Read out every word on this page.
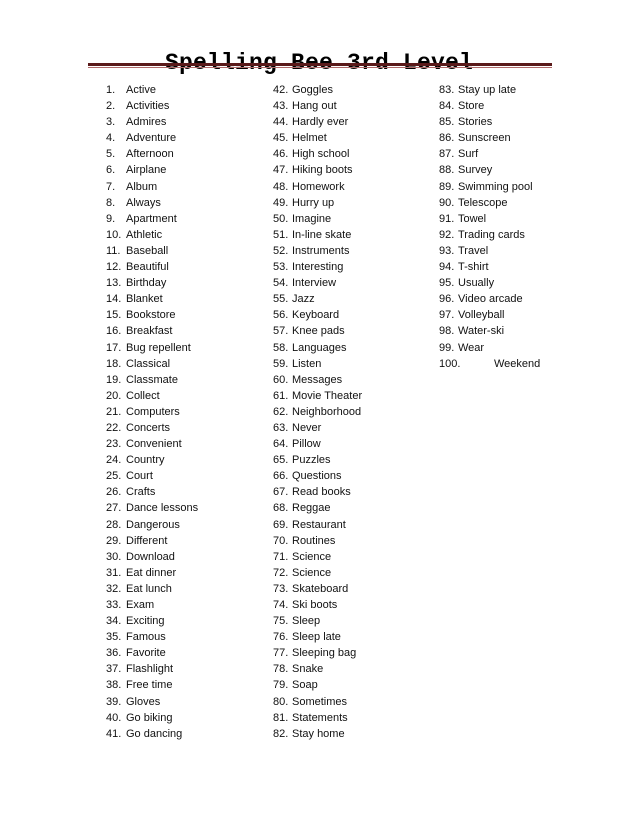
1. Active
2. Activities
3. Admires
4. Adventure
5. Afternoon
6. Airplane
7. Album
8. Always
9. Apartment
10. Athletic
11. Baseball
12. Beautiful
13. Birthday
14. Blanket
15. Bookstore
16. Breakfast
17. Bug repellent
18. Classical
19. Classmate
20. Collect
21. Computers
22. Concerts
23. Convenient
24. Country
25. Court
26. Crafts
27. Dance lessons
28. Dangerous
29. Different
30. Download
31. Eat dinner
32. Eat lunch
33. Exam
34. Exciting
35. Famous
36. Favorite
37. Flashlight
38. Free time
39. Gloves
40. Go biking
41. Go dancing
42. Goggles
43. Hang out
44. Hardly ever
45. Helmet
46. High school
47. Hiking boots
48. Homework
49. Hurry up
50. Imagine
51. In-line skate
52. Instruments
53. Interesting
54. Interview
55. Jazz
56. Keyboard
57. Knee pads
58. Languages
59. Listen
60. Messages
61. Movie Theater
62. Neighborhood
63. Never
64. Pillow
65. Puzzles
66. Questions
67. Read books
68. Reggae
69. Restaurant
70. Routines
71. Science
72. Science
73. Skateboard
74. Ski boots
75. Sleep
76. Sleep late
77. Sleeping bag
78. Snake
79. Soap
80. Sometimes
81. Statements
82. Stay home
83. Stay up late
84. Store
85. Stories
86. Sunscreen
87. Surf
88. Survey
89. Swimming pool
90. Telescope
91. Towel
92. Trading cards
93. Travel
94. T-shirt
95. Usually
96. Video arcade
97. Volleyball
98. Water-ski
99. Wear
100.	Weekend
